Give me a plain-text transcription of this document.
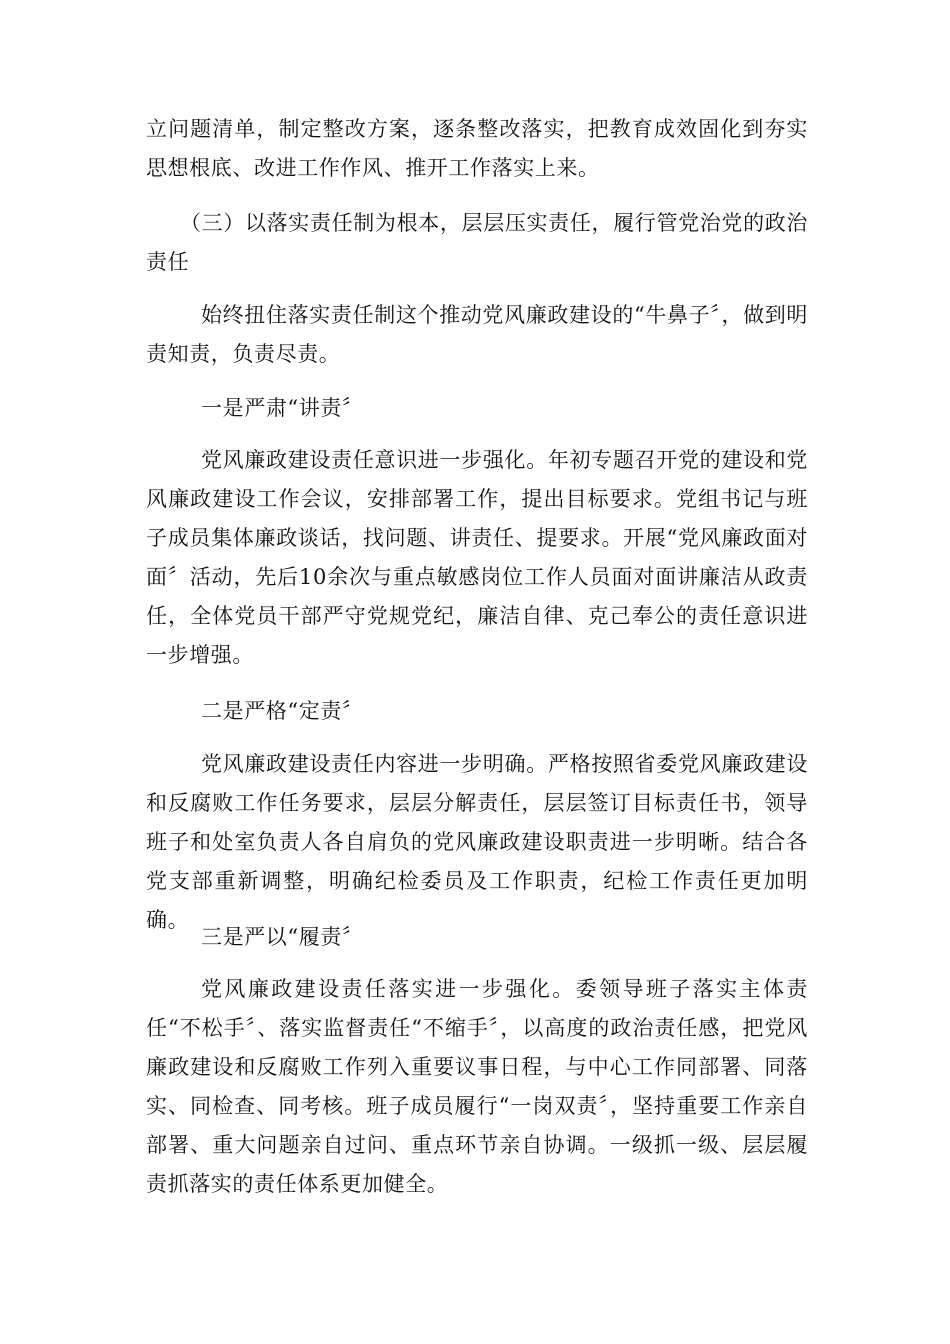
立问题清单，制定整改方案，逐条整改落实，把教育成效固化到夯实思想根底、改进工作作风、推开工作落实上来。

（三）以落实责任制为根本，层层压实责任，履行管党治党的政治责任

始终扭住落实责任制这个推动党风廉政建设的“牛鼻子〞，做到明责知责，负责尽责。

一是严肃“讲责〞

党风廉政建设责任意识进一步强化。年初专题召开党的建设和党风廉政建设工作会议，安排部署工作，提出目标要求。党组书记与班子成员集体廉政谈话，找问题、讲责任、提要求。开展“党风廉政面对面〞活动，先后10余次与重点敏感岗位工作人员面对面讲廉洁从政责任，全体党员干部严守党规党纪，廉洁自律、克己奉公的责任意识进一步增强。

二是严格“定责〞

党风廉政建设责任内容进一步明确。严格按照省委党风廉政建设和反腐败工作任务要求，层层分解责任，层层签订目标责任书，领导班子和处室负责人各自肩负的党风廉政建设职责进一步明晰。结合各党支部重新调整，明确纪检委员及工作职责，纪检工作责任更加明确。

三是严以“履责〞

党风廉政建设责任落实进一步强化。委领导班子落实主体责任“不松手〞、落实监督责任“不缩手〞，以高度的政治责任感，把党风廉政建设和反腐败工作列入重要议事日程，与中心工作同部署、同落实、同检查、同考核。班子成员履行“一岗双责〞，坚持重要工作亲自部署、重大问题亲自过问、重点环节亲自协调。一级抓一级、层层履责抓落实的责任体系更加健全。
